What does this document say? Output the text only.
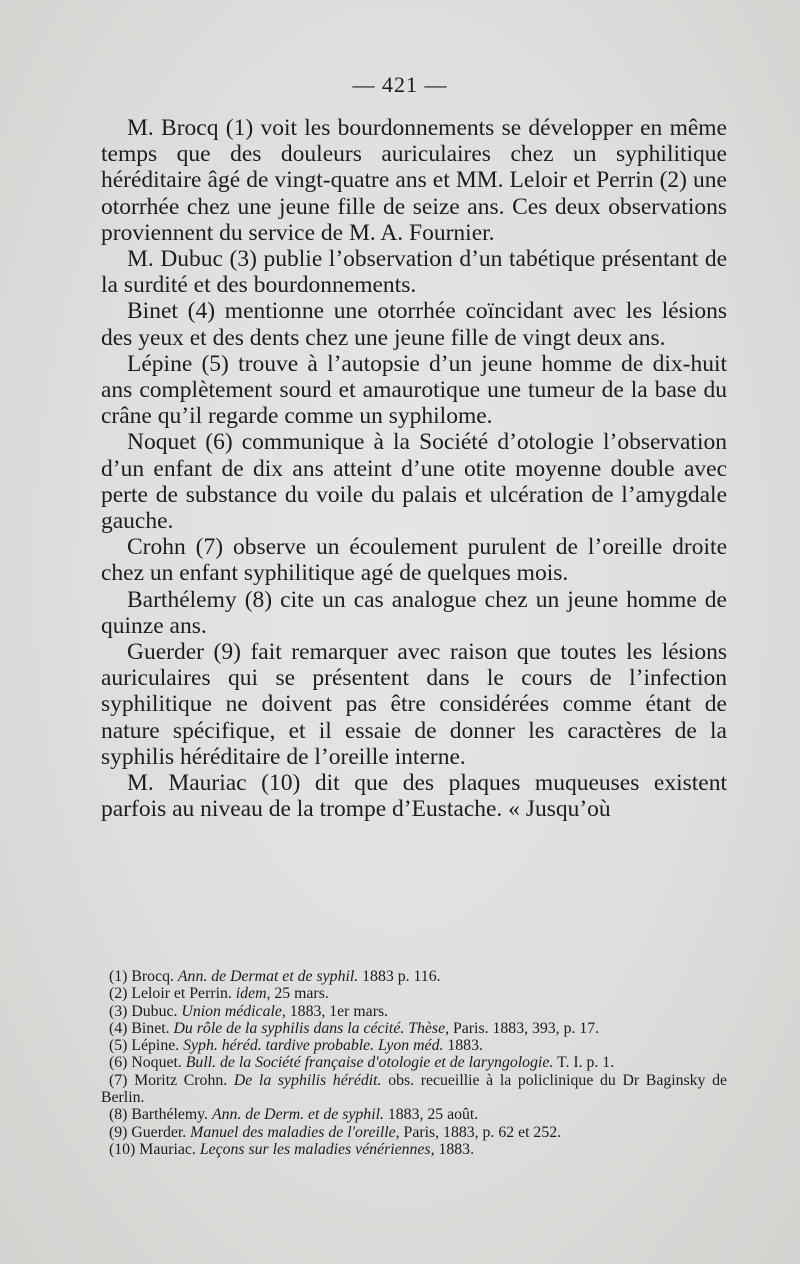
— 421 —

M. Brocq (1) voit les bourdonnements se développer en même temps que des douleurs auriculaires chez un syphilitique héréditaire âgé de vingt-quatre ans et MM. Leloir et Perrin (2) une otorrhée chez une jeune fille de seize ans. Ces deux observations proviennent du service de M. A. Fournier.

M. Dubuc (3) publie l’observation d’un tabétique présentant de la surdité et des bourdonnements.

Binet (4) mentionne une otorrhée coïncidant avec les lésions des yeux et des dents chez une jeune fille de vingt deux ans.

Lépine (5) trouve à l’autopsie d’un jeune homme de dix-huit ans complètement sourd et amaurotique une tumeur de la base du crâne qu’il regarde comme un syphilome.

Noquet (6) communique à la Société d’otologie l’observation d’un enfant de dix ans atteint d’une otite moyenne double avec perte de substance du voile du palais et ulcération de l’amygdale gauche.

Crohn (7) observe un écoulement purulent de l’oreille droite chez un enfant syphilitique agé de quelques mois.

Barthélemy (8) cite un cas analogue chez un jeune homme de quinze ans.

Guerder (9) fait remarquer avec raison que toutes les lésions auriculaires qui se présentent dans le cours de l’infection syphilitique ne doivent pas être considérées comme étant de nature spécifique, et il essaie de donner les caractères de la syphilis héréditaire de l’oreille interne.

M. Mauriac (10) dit que des plaques muqueuses existent parfois au niveau de la trompe d’Eustache. « Jusqu’où

(1) Brocq. Ann. de Dermat et de syphil. 1883 p. 116.

(2) Leloir et Perrin. idem, 25 mars.

(3) Dubuc. Union médicale, 1883, 1er mars.

(4) Binet. Du rôle de la syphilis dans la cécité. Thèse, Paris. 1883, 393, p. 17.

(5) Lépine. Syph. héréd. tardive probable. Lyon méd. 1883.

(6) Noquet. Bull. de la Société française d'otologie et de laryngologie. T. I. p. 1.

(7) Moritz Crohn. De la syphilis hérédit. obs. recueillie à la policlinique du Dr Baginsky de Berlin.

(8) Barthélemy. Ann. de Derm. et de syphil. 1883, 25 août.

(9) Guerder. Manuel des maladies de l'oreille, Paris, 1883, p. 62 et 252.

(10) Mauriac. Leçons sur les maladies vénériennes, 1883.
